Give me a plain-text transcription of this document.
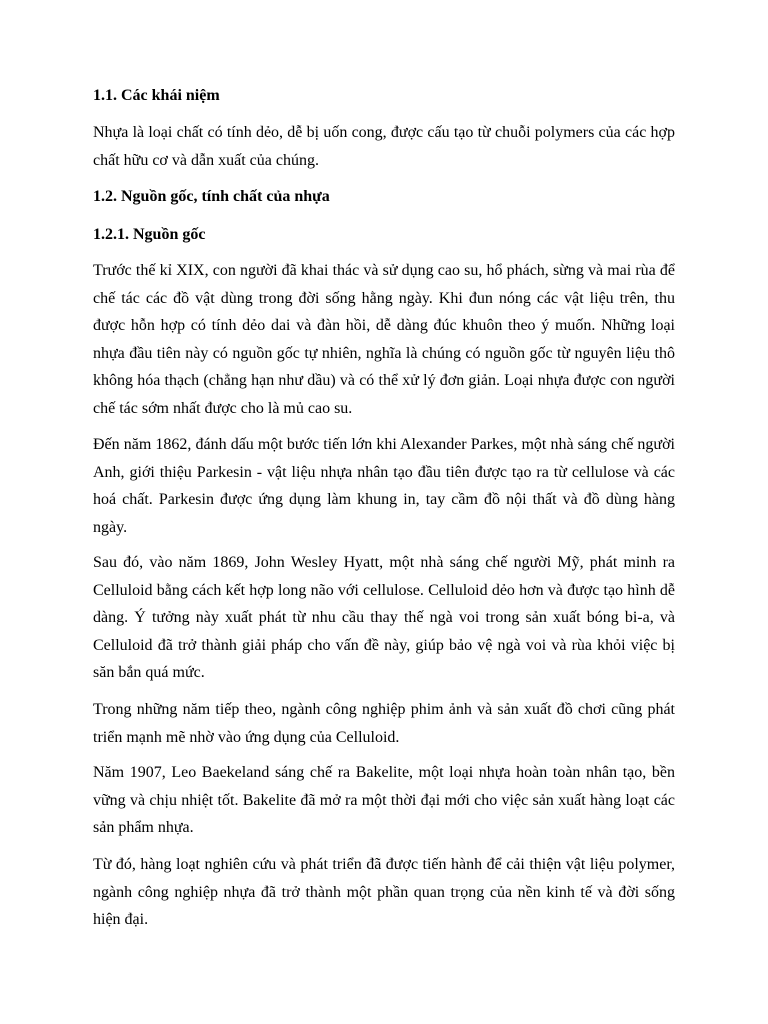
1.1. Các khái niệm
Nhựa là loại chất có tính dẻo, dễ bị uốn cong, được cấu tạo từ chuỗi polymers của các hợp chất hữu cơ và dẫn xuất của chúng.
1.2. Nguồn gốc, tính chất của nhựa
1.2.1. Nguồn gốc
Trước thế kỉ XIX, con người đã khai thác và sử dụng cao su, hổ phách, sừng và mai rùa để chế tác các đồ vật dùng trong đời sống hằng ngày. Khi đun nóng các vật liệu trên, thu được hỗn hợp có tính dẻo dai và đàn hồi, dễ dàng đúc khuôn theo ý muốn. Những loại nhựa đầu tiên này có nguồn gốc tự nhiên, nghĩa là chúng có nguồn gốc từ nguyên liệu thô không hóa thạch (chẳng hạn như dầu) và có thể xử lý đơn giản. Loại nhựa được con người chế tác sớm nhất được cho là mủ cao su.
Đến năm 1862, đánh dấu một bước tiến lớn khi Alexander Parkes, một nhà sáng chế người Anh, giới thiệu Parkesin - vật liệu nhựa nhân tạo đầu tiên được tạo ra từ cellulose và các hoá chất. Parkesin được ứng dụng làm khung in, tay cầm đồ nội thất và đồ dùng hàng ngày.
Sau đó, vào năm 1869, John Wesley Hyatt, một nhà sáng chế người Mỹ, phát minh ra Celluloid bằng cách kết hợp long não với cellulose. Celluloid dẻo hơn và được tạo hình dễ dàng. Ý tưởng này xuất phát từ nhu cầu thay thế ngà voi trong sản xuất bóng bi-a, và Celluloid đã trở thành giải pháp cho vấn đề này, giúp bảo vệ ngà voi và rùa khỏi việc bị săn bắn quá mức.
Trong những năm tiếp theo, ngành công nghiệp phim ảnh và sản xuất đồ chơi cũng phát triển mạnh mẽ nhờ vào ứng dụng của Celluloid.
Năm 1907, Leo Baekeland sáng chế ra Bakelite, một loại nhựa hoàn toàn nhân tạo, bền vững và chịu nhiệt tốt. Bakelite đã mở ra một thời đại mới cho việc sản xuất hàng loạt các sản phẩm nhựa.
Từ đó, hàng loạt nghiên cứu và phát triển đã được tiến hành để cải thiện vật liệu polymer, ngành công nghiệp nhựa đã trở thành một phần quan trọng của nền kinh tế và đời sống hiện đại.
